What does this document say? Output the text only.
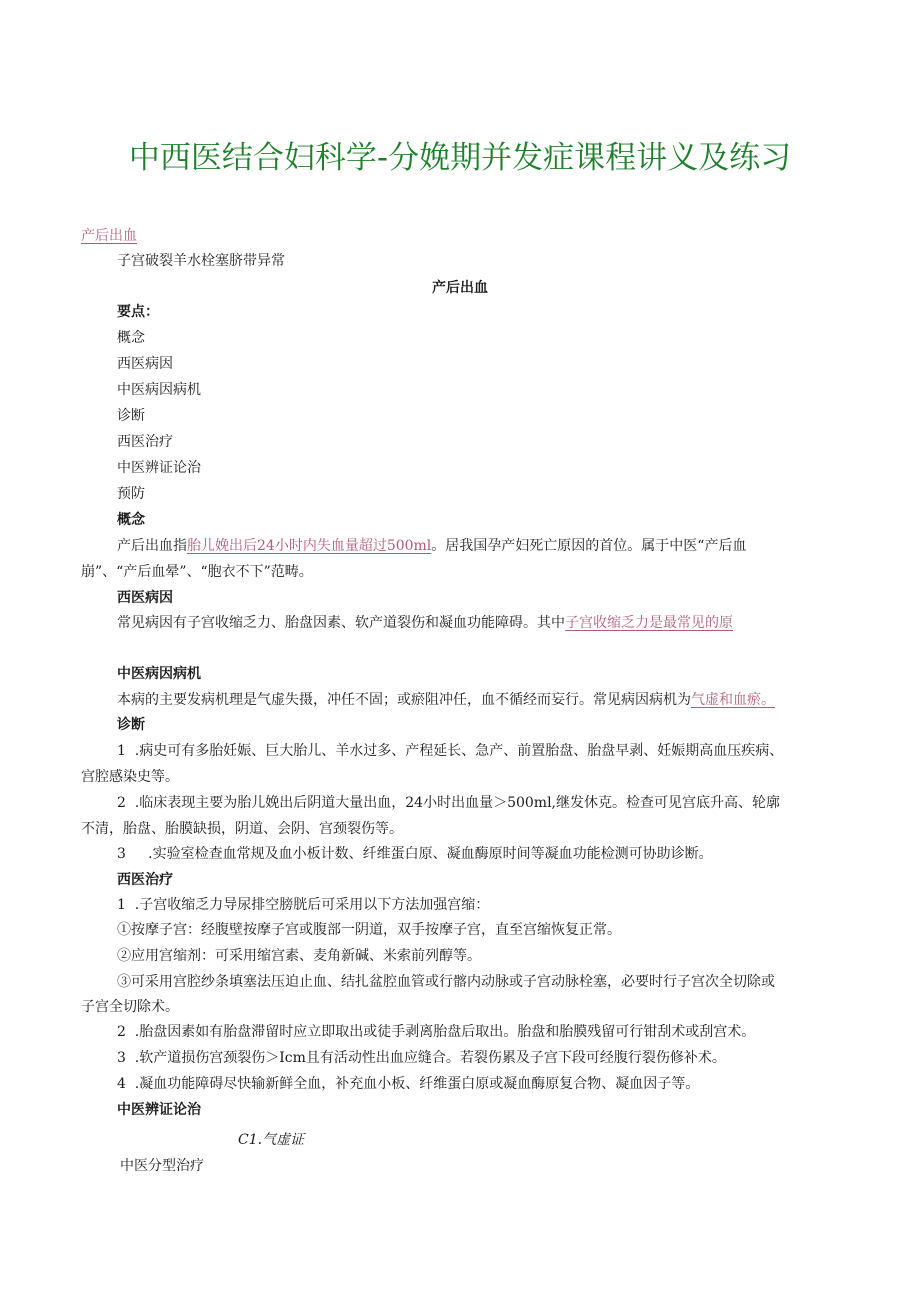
中西医结合妇科学-分娩期并发症课程讲义及练习
产后出血
子宫破裂羊水栓塞脐带异常
产后出血
要点：
概念
西医病因
中医病因病机
诊断
西医治疗
中医辨证论治
预防
概念
产后出血指胎儿娩出后24小时内失血量超过500ml。居我国孕产妇死亡原因的首位。属于中医“产后血
崩”、“产后血晕”、“胞衣不下”范畴。
西医病因
常见病因有子宫收缩乏力、胎盘因素、软产道裂伤和凝血功能障碍。其中子宫收缩乏力是最常见的原
中医病因病机
本病的主要发病机理是气虚失摄，冲任不固；或瘀阻冲任，血不循经而妄行。常见病因病机为气虚和血瘀。
诊断
1  .病史可有多胎妊娠、巨大胎儿、羊水过多、产程延长、急产、前置胎盘、胎盘早剥、妊娠期高血压疾病、
宫腔感染史等。
2  .临床表现主要为胎儿娩出后阴道大量出血，24小时出血量＞500ml,继发休克。检查可见宫底升高、轮廓
不清，胎盘、胎膜缺损，阴道、会阴、宫颈裂伤等。
3     .实验室检查血常规及血小板计数、纤维蛋白原、凝血酶原时间等凝血功能检测可协助诊断。
西医治疗
1  .子宫收缩乏力导尿排空膀胱后可采用以下方法加强宫缩：
①按摩子宫：经腹壁按摩子宫或腹部一阴道，双手按摩子宫，直至宫缩恢复正常。
②应用宫缩剂：可采用缩宫素、麦角新碱、米索前列醇等。
③可采用宫腔纱条填塞法压迫止血、结扎盆腔血管或行髂内动脉或子宫动脉栓塞，必要时行子宫次全切除或
子宫全切除术。
2  .胎盘因素如有胎盘滞留时应立即取出或徒手剥离胎盘后取出。胎盘和胎膜残留可行钳刮术或刮宫术。
3  .软产道损伤宫颈裂伤＞Icm且有活动性出血应缝合。若裂伤累及子宫下段可经腹行裂伤修补术。
4  .凝血功能障碍尽快输新鲜全血，补充血小板、纤维蛋白原或凝血酶原复合物、凝血因子等。
中医辨证论治
C1.气虚证
中医分型治疗
